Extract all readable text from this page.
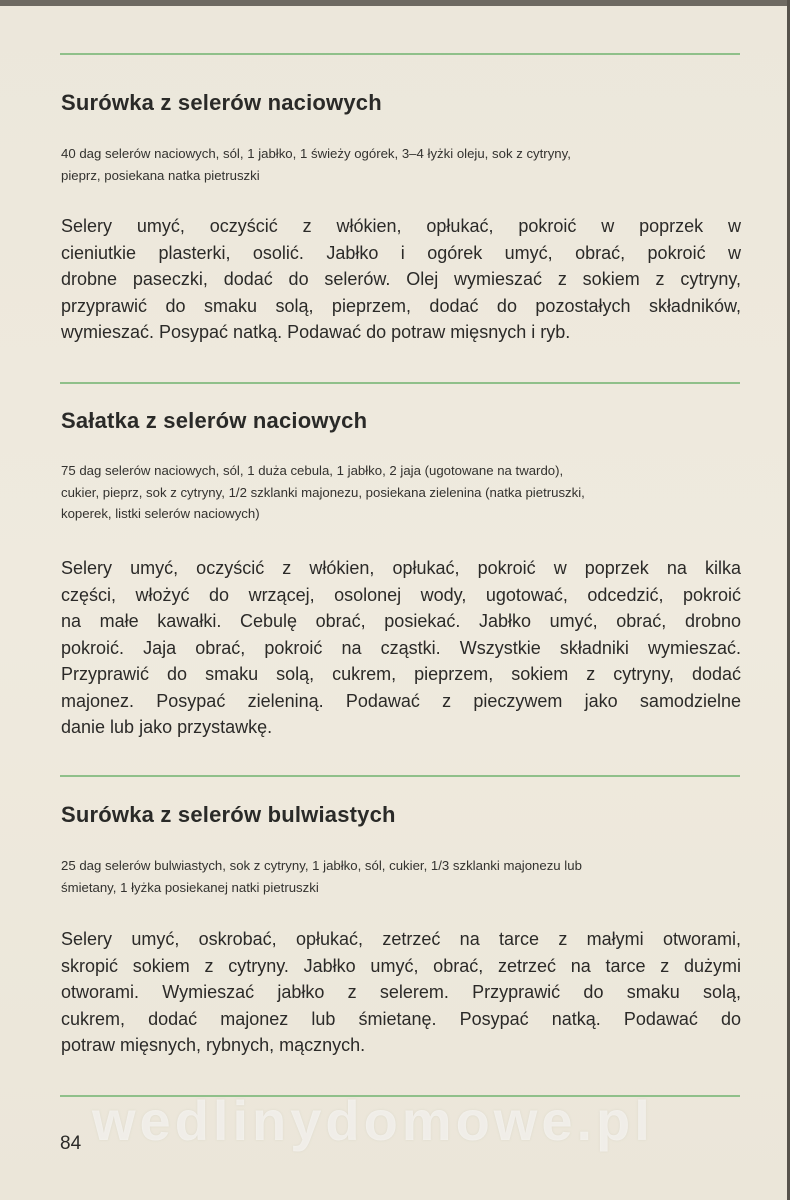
Surówka z selerów naciowych
40 dag selerów naciowych, sól, 1 jabłko, 1 świeży ogórek, 3–4 łyżki oleju, sok z cytryny,
pieprz, posiekana natka pietruszki
Selery umyć, oczyścić z włókien, opłukać, pokroić w poprzek w
cieniutkie plasterki, osolić. Jabłko i ogórek umyć, obrać, pokroić w
drobne paseczki, dodać do selerów. Olej wymieszać z sokiem z cytryny,
przyprawić do smaku solą, pieprzem, dodać do pozostałych składników,
wymieszać. Posypać natką. Podawać do potraw mięsnych i ryb.
Sałatka z selerów naciowych
75 dag selerów naciowych, sól, 1 duża cebula, 1 jabłko, 2 jaja (ugotowane na twardo),
cukier, pieprz, sok z cytryny, 1/2 szklanki majonezu, posiekana zielenina (natka pietruszki,
koperek, listki selerów naciowych)
Selery umyć, oczyścić z włókien, opłukać, pokroić w poprzek na kilka
części, włożyć do wrzącej, osolonej wody, ugotować, odcedzić, pokroić
na małe kawałki. Cebulę obrać, posiekać. Jabłko umyć, obrać, drobno
pokroić. Jaja obrać, pokroić na cząstki. Wszystkie składniki wymieszać.
Przyprawić do smaku solą, cukrem, pieprzem, sokiem z cytryny, dodać
majonez. Posypać zieleniną. Podawać z pieczywem jako samodzielne
danie lub jako przystawkę.
Surówka z selerów bulwiastych
25 dag selerów bulwiastych, sok z cytryny, 1 jabłko, sól, cukier, 1/3 szklanki majonezu lub
śmietany, 1 łyżka posiekanej natki pietruszki
Selery umyć, oskrobać, opłukać, zetrzeć na tarce z małymi otworami,
skropić sokiem z cytryny. Jabłko umyć, obrać, zetrzeć na tarce z dużymi
otworami. Wymieszać jabłko z selerem. Przyprawić do smaku solą,
cukrem, dodać majonez lub śmietanę. Posypać natką. Podawać do
potraw mięsnych, rybnych, mącznych.
wedlinydomowe.pl
84
